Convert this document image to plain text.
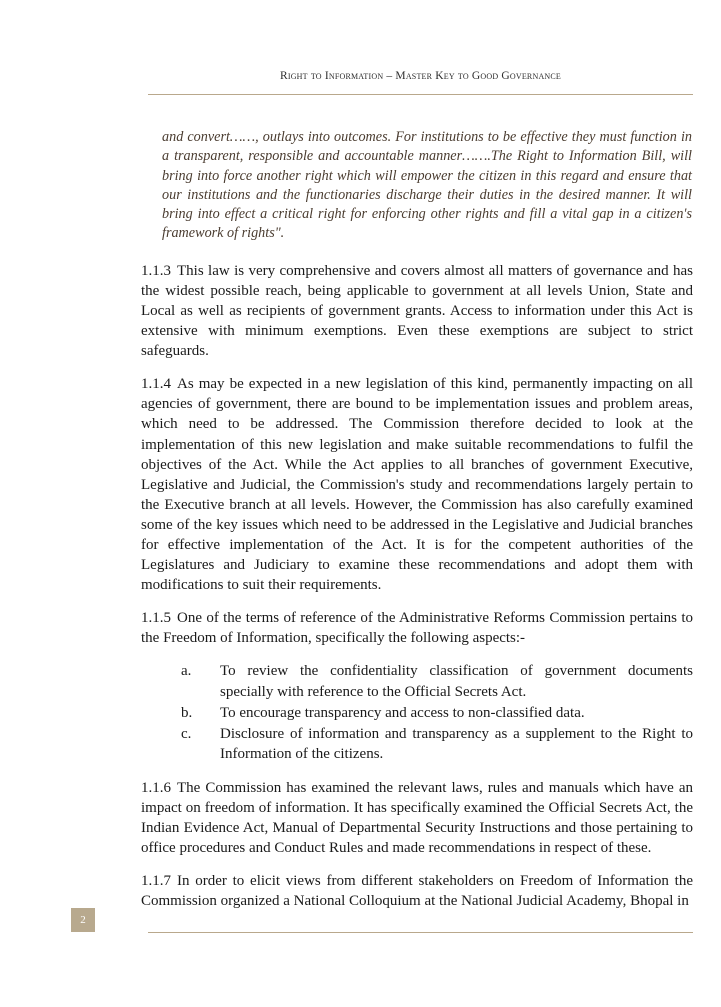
Right to Information – Master Key to Good Governance

and convert……, outlays into outcomes. For institutions to be effective they must function in a transparent, responsible and accountable manner…….The Right to Information Bill, will bring into force another right which will empower the citizen in this regard and ensure that our institutions and the functionaries discharge their duties in the desired manner. It will bring into effect a critical right for enforcing other rights and fill a vital gap in a citizen's framework of rights".

1.1.3 This law is very comprehensive and covers almost all matters of governance and has the widest possible reach, being applicable to government at all levels Union, State and Local as well as recipients of government grants. Access to information under this Act is extensive with minimum exemptions. Even these exemptions are subject to strict safeguards.

1.1.4 As may be expected in a new legislation of this kind, permanently impacting on all agencies of government, there are bound to be implementation issues and problem areas, which need to be addressed. The Commission therefore decided to look at the implementation of this new legislation and make suitable recommendations to fulfil the objectives of the Act. While the Act applies to all branches of government Executive, Legislative and Judicial, the Commission's study and recommendations largely pertain to the Executive branch at all levels. However, the Commission has also carefully examined some of the key issues which need to be addressed in the Legislative and Judicial branches for effective implementation of the Act. It is for the competent authorities of the Legislatures and Judiciary to examine these recommendations and adopt them with modifications to suit their requirements.

1.1.5 One of the terms of reference of the Administrative Reforms Commission pertains to the Freedom of Information, specifically the following aspects:-

a.	To review the confidentiality classification of government documents specially with reference to the Official Secrets Act.
b.	To encourage transparency and access to non-classified data.
c.	Disclosure of information and transparency as a supplement to the Right to Information of the citizens.

1.1.6 The Commission has examined the relevant laws, rules and manuals which have an impact on freedom of information. It has specifically examined the Official Secrets Act, the Indian Evidence Act, Manual of Departmental Security Instructions and those pertaining to office procedures and Conduct Rules and made recommendations in respect of these.

1.1.7 In order to elicit views from different stakeholders on Freedom of Information the Commission organized a National Colloquium at the National Judicial Academy, Bhopal in

2
